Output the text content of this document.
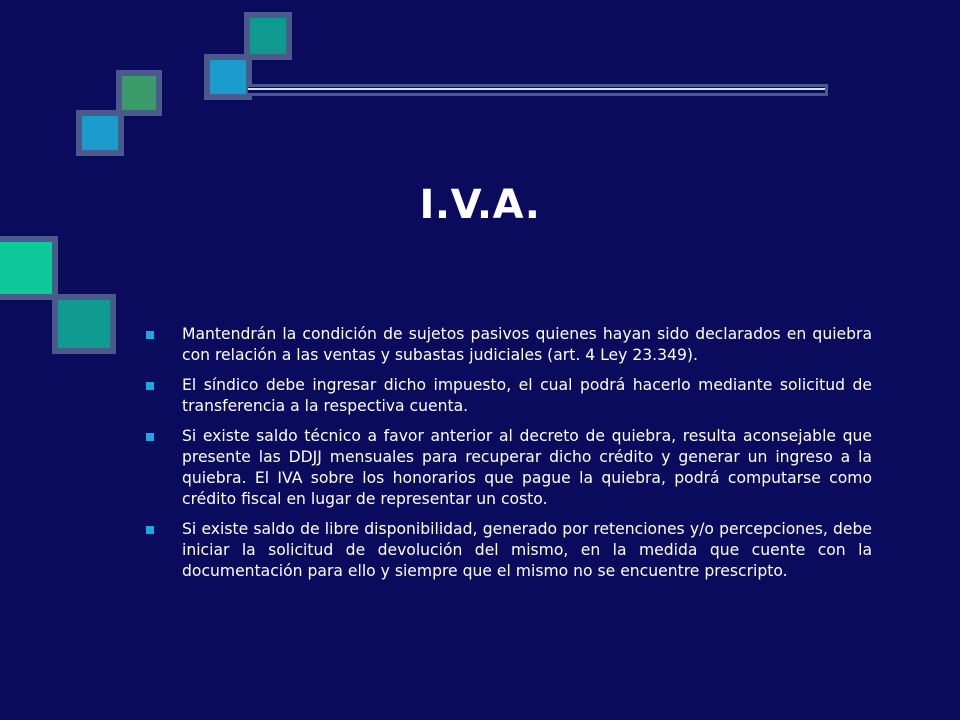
I.V.A.
Mantendrán la condición de sujetos pasivos quienes hayan sido declarados en quiebra con relación a las ventas y subastas judiciales (art. 4 Ley 23.349).
El síndico debe ingresar dicho impuesto, el cual podrá hacerlo mediante solicitud de transferencia a la respectiva cuenta.
Si existe saldo técnico a favor anterior al decreto de quiebra, resulta aconsejable que presente las DDJJ mensuales para recuperar dicho crédito y generar un ingreso a la quiebra. El IVA sobre los honorarios que pague la quiebra, podrá computarse como crédito fiscal en lugar de representar un costo.
Si existe saldo de libre disponibilidad, generado por retenciones y/o percepciones, debe iniciar la solicitud de devolución del mismo, en la medida que cuente con la documentación para ello y siempre que el mismo no se encuentre prescripto.
